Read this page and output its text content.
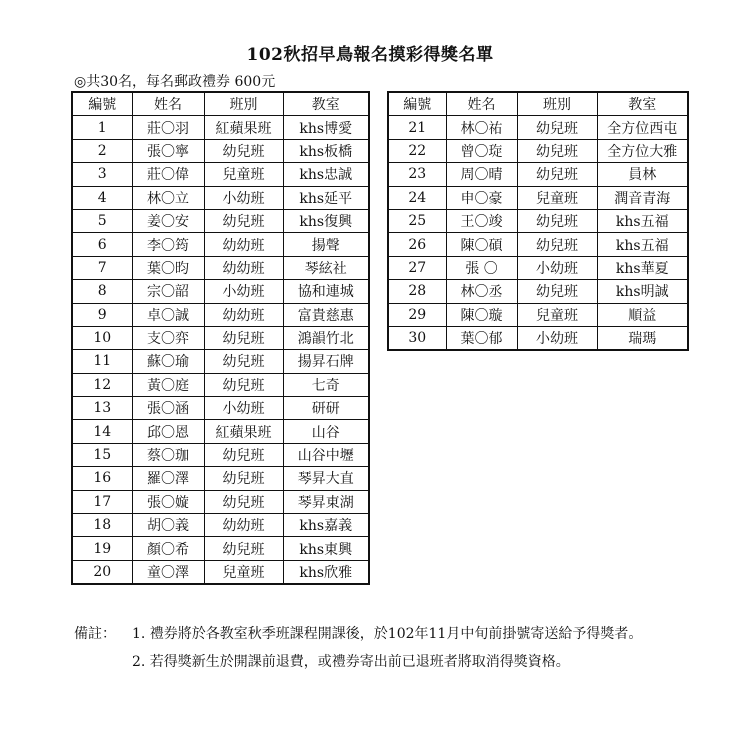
102秋招早鳥報名摸彩得獎名單
◎共30名，每名郵政禮券 600元
編號	姓名	班別	教室
1	莊〇羽	紅蘋果班	khs博愛
2	張〇寧	幼兒班	khs板橋
3	莊〇偉	兒童班	khs忠誠
4	林〇立	小幼班	khs延平
5	姜〇安	幼兒班	khs復興
6	李〇筠	幼幼班	揚聲
7	葉〇昀	幼幼班	琴絃社
8	宗〇韶	小幼班	協和連城
9	卓〇誠	幼幼班	富貴慈惠
10	支〇弈	幼兒班	鴻韻竹北
11	蘇〇瑜	幼兒班	揚昇石牌
12	黃〇庭	幼兒班	七奇
13	張〇涵	小幼班	研研
14	邱〇恩	紅蘋果班	山谷
15	蔡〇珈	幼兒班	山谷中壢
16	羅〇澤	幼兒班	琴昇大直
17	張〇嫙	幼兒班	琴昇東湖
18	胡〇義	幼幼班	khs嘉義
19	顏〇希	幼兒班	khs東興
20	童〇澤	兒童班	khs欣雅
編號	姓名	班別	教室
21	林〇祐	幼兒班	全方位西屯
22	曾〇琁	幼兒班	全方位大雅
23	周〇晴	幼兒班	員林
24	申〇豪	兒童班	潤音青海
25	王〇竣	幼兒班	khs五福
26	陳〇碩	幼兒班	khs五福
27	張 〇	小幼班	khs華夏
28	林〇丞	幼兒班	khs明誠
29	陳〇璇	兒童班	順益
30	葉〇郁	小幼班	瑞瑪
備註：	1. 禮券將於各教室秋季班課程開課後，於102年11月中旬前掛號寄送給予得獎者。
2. 若得獎新生於開課前退費，或禮券寄出前已退班者將取消得獎資格。
